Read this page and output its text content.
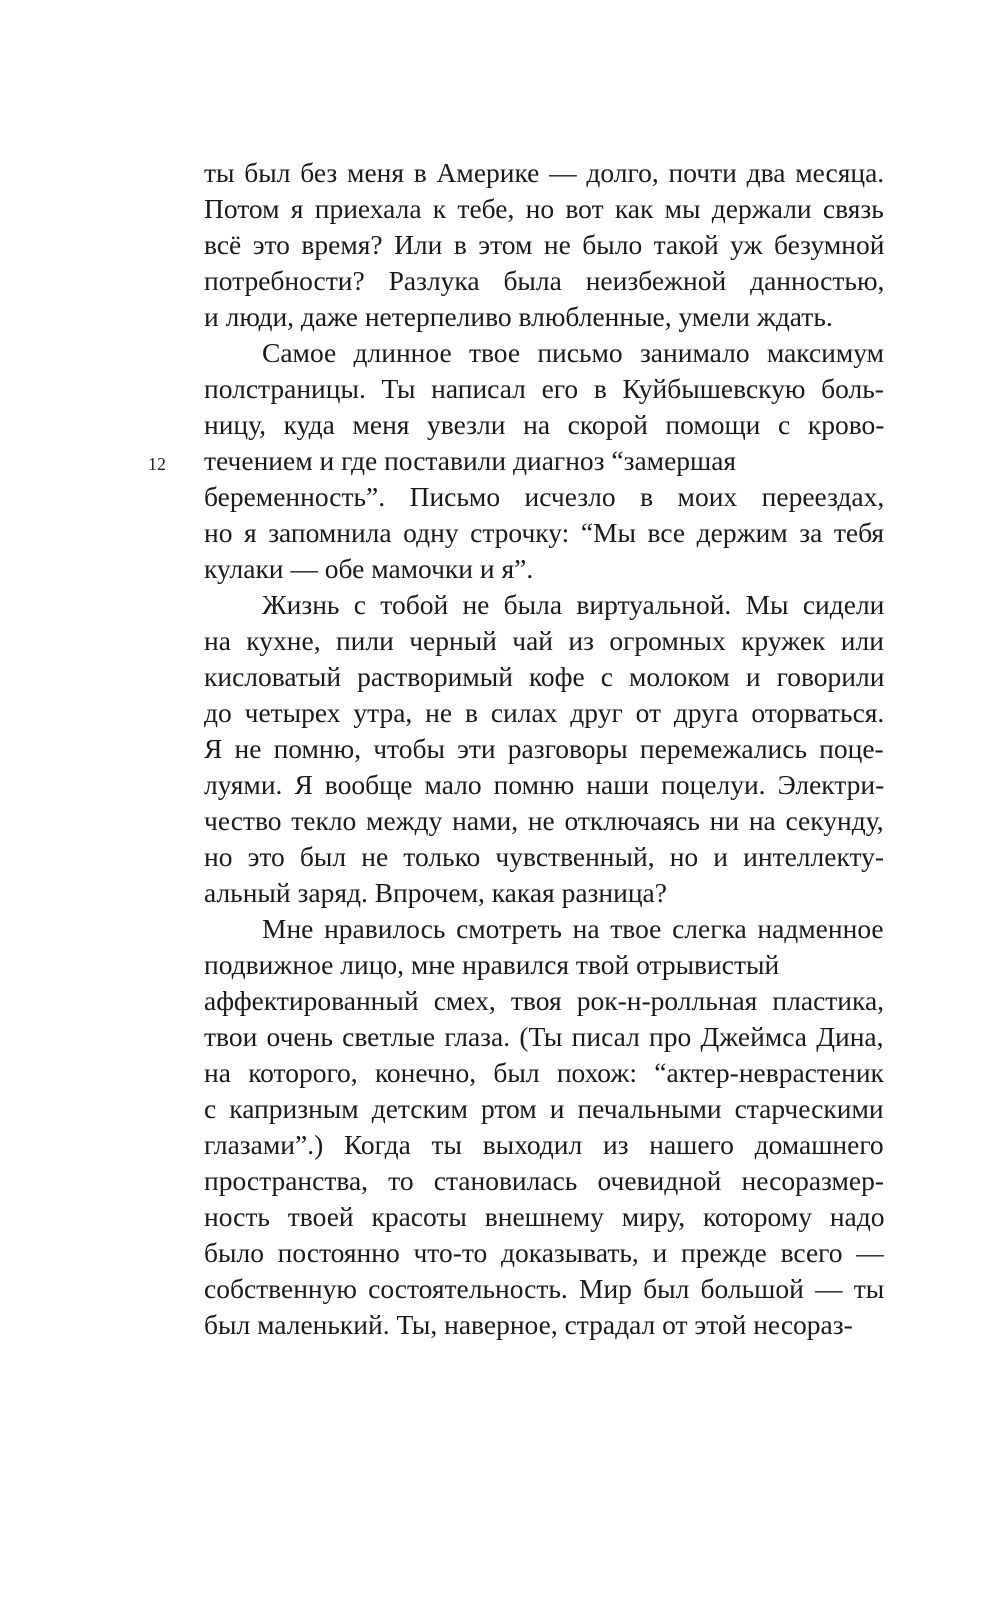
12
ты был без меня в Америке — долго, почти два месяца.
Потом я приехала к тебе, но вот как мы держали связь
всё это время? Или в этом не было такой уж безумной
потребности? Разлука была неизбежной данностью,
и люди, даже нетерпеливо влюбленные, умели ждать.
Самое длинное твое письмо занимало максимум
полстраницы. Ты написал его в Куйбышевскую боль-
ницу, куда меня увезли на скорой помощи с крово-
течением и где поставили диагноз “замершая
беременность”. Письмо исчезло в моих переездах,
но я запомнила одну строчку: “Мы все держим за тебя
кулаки — обе мамочки и я”.
Жизнь с тобой не была виртуальной. Мы сидели
на кухне, пили черный чай из огромных кружек или
кисловатый растворимый кофе с молоком и говорили
до четырех утра, не в силах друг от друга оторваться.
Я не помню, чтобы эти разговоры перемежались поце-
луями. Я вообще мало помню наши поцелуи. Электри-
чество текло между нами, не отключаясь ни на секунду,
но это был не только чувственный, но и интеллекту-
альный заряд. Впрочем, какая разница?
Мне нравилось смотреть на твое слегка надменное
подвижное лицо, мне нравился твой отрывистый
аффектированный смех, твоя рок-н-ролльная пластика,
твои очень светлые глаза. (Ты писал про Джеймса Дина,
на которого, конечно, был похож: “актер-неврастеник
с капризным детским ртом и печальными старческими
глазами”.) Когда ты выходил из нашего домашнего
пространства, то становилась очевидной несоразмер-
ность твоей красоты внешнему миру, которому надо
было постоянно что-то доказывать, и прежде всего —
собственную состоятельность. Мир был большой — ты
был маленький. Ты, наверное, страдал от этой несораз-
